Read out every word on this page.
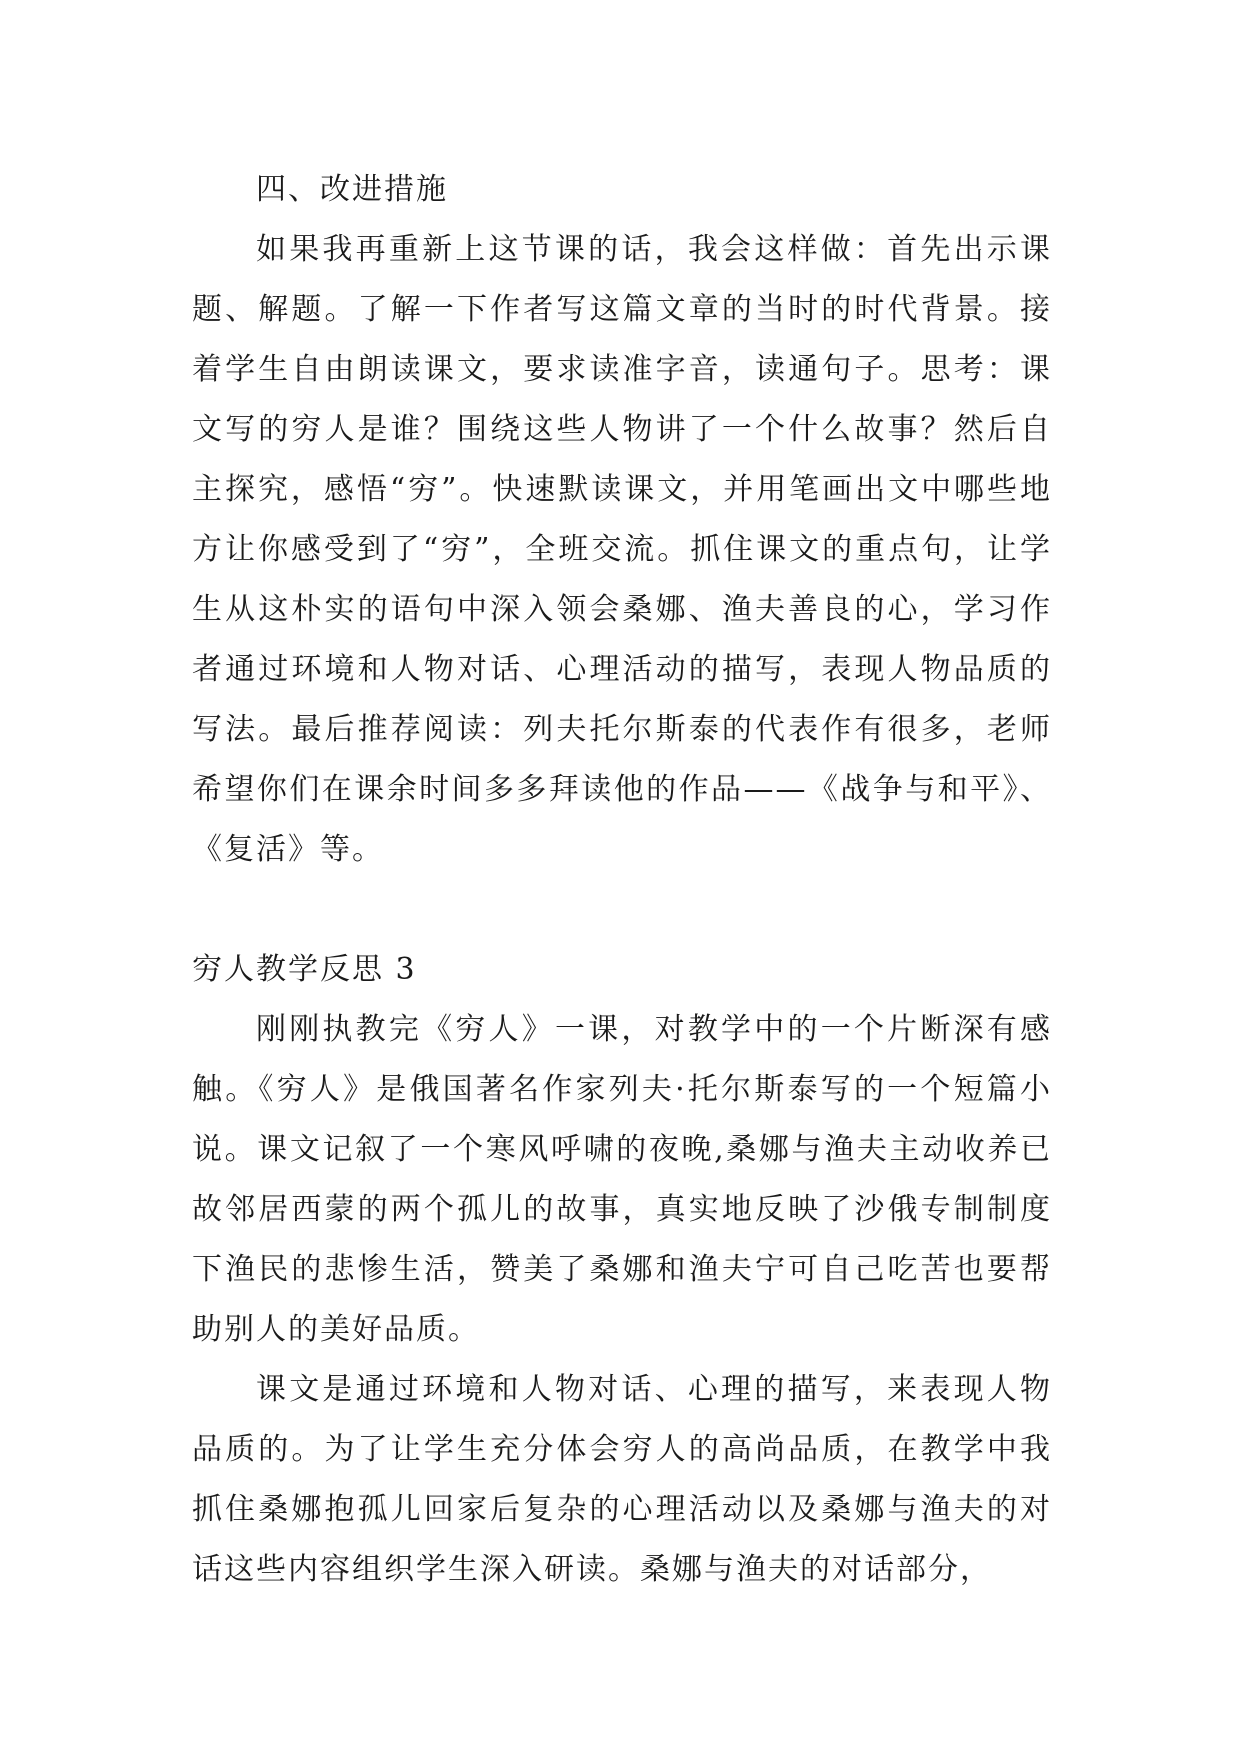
四、改进措施

如果我再重新上这节课的话，我会这样做：首先出示课题、解题。了解一下作者写这篇文章的当时的时代背景。接着学生自由朗读课文，要求读准字音，读通句子。思考：课文写的穷人是谁？围绕这些人物讲了一个什么故事？然后自主探究，感悟“穷”。快速默读课文，并用笔画出文中哪些地方让你感受到了“穷”，全班交流。抓住课文的重点句，让学生从这朴实的语句中深入领会桑娜、渔夫善良的心，学习作者通过环境和人物对话、心理活动的描写，表现人物品质的写法。最后推荐阅读：列夫托尔斯泰的代表作有很多，老师希望你们在课余时间多多拜读他的作品——《战争与和平》、《复活》等。

穷人教学反思 3

刚刚执教完《穷人》一课，对教学中的一个片断深有感触。《穷人》是俄国著名作家列夫·托尔斯泰写的一个短篇小说。课文记叙了一个寒风呼啸的夜晚,桑娜与渔夫主动收养已故邻居西蒙的两个孤儿的故事，真实地反映了沙俄专制制度下渔民的悲惨生活，赞美了桑娜和渔夫宁可自己吃苦也要帮助别人的美好品质。

课文是通过环境和人物对话、心理的描写，来表现人物品质的。为了让学生充分体会穷人的高尚品质，在教学中我抓住桑娜抱孤儿回家后复杂的心理活动以及桑娜与渔夫的对话这些内容组织学生深入研读。桑娜与渔夫的对话部分，
